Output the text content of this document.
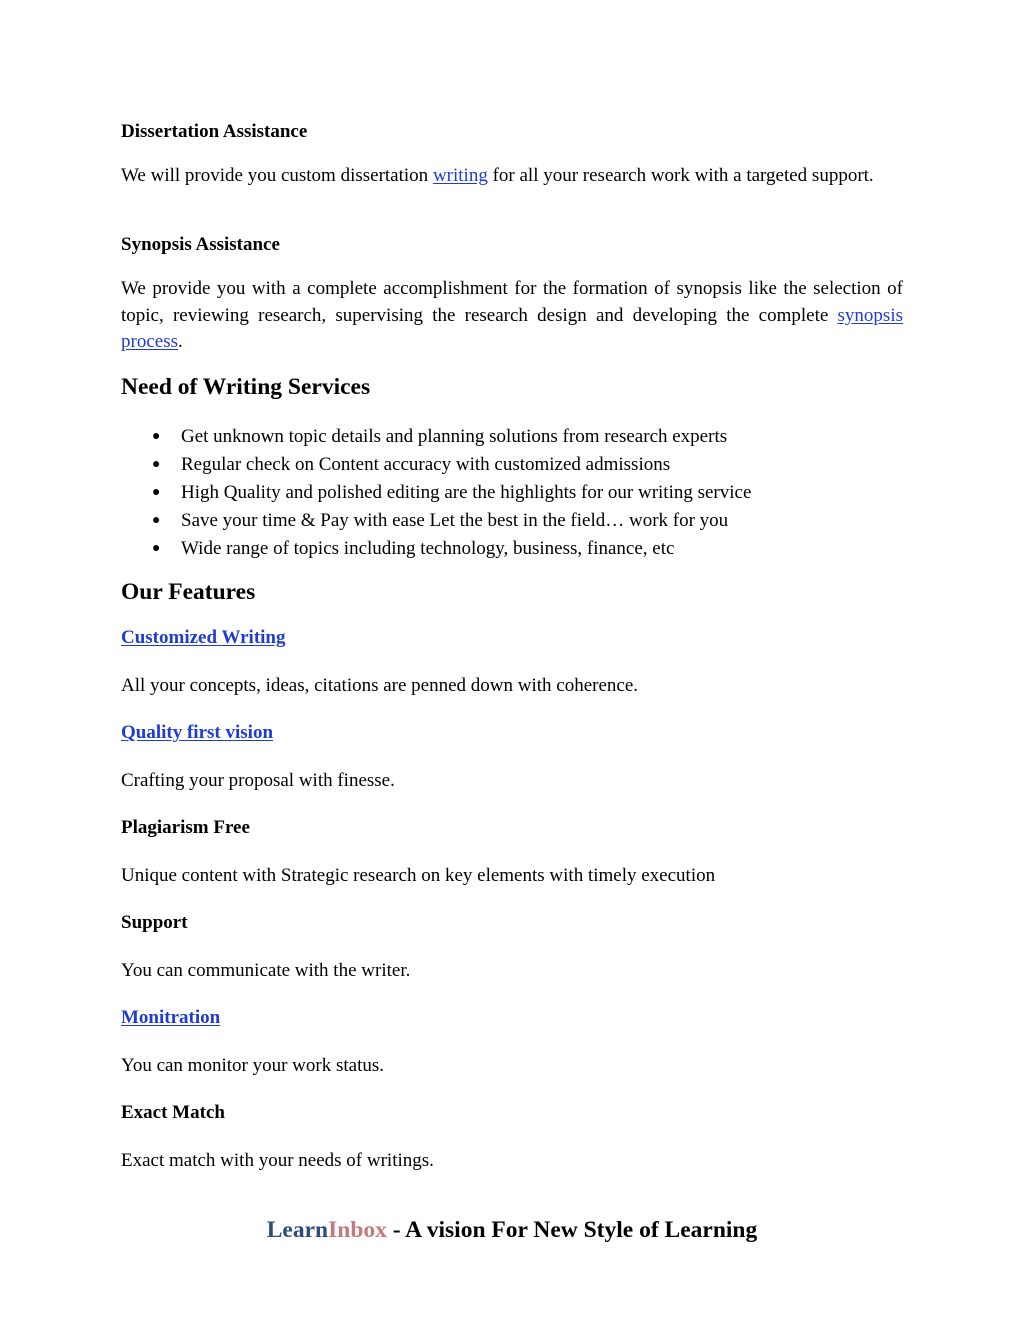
Dissertation Assistance

We will provide you custom dissertation writing for all your research work with a targeted support.

Synopsis Assistance

We provide you with a complete accomplishment for the formation of synopsis like the selection of topic, reviewing research, supervising the research design and developing the complete synopsis process.

Need of Writing Services
● Get unknown topic details and planning solutions from research experts
● Regular check on Content accuracy with customized admissions
● High Quality and polished editing are the highlights for our writing service
● Save your time & Pay with ease Let the best in the field… work for you
● Wide range of topics including technology, business, finance, etc
Our Features
Customized Writing

All your concepts, ideas, citations are penned down with coherence.

Quality first vision

Crafting your proposal with finesse.

Plagiarism Free

Unique content with Strategic research on key elements with timely execution

Support

You can communicate with the writer.

Monitration

You can monitor your work status.

Exact Match

Exact match with your needs of writings.

LearnInbox - A vision For New Style of Learning
